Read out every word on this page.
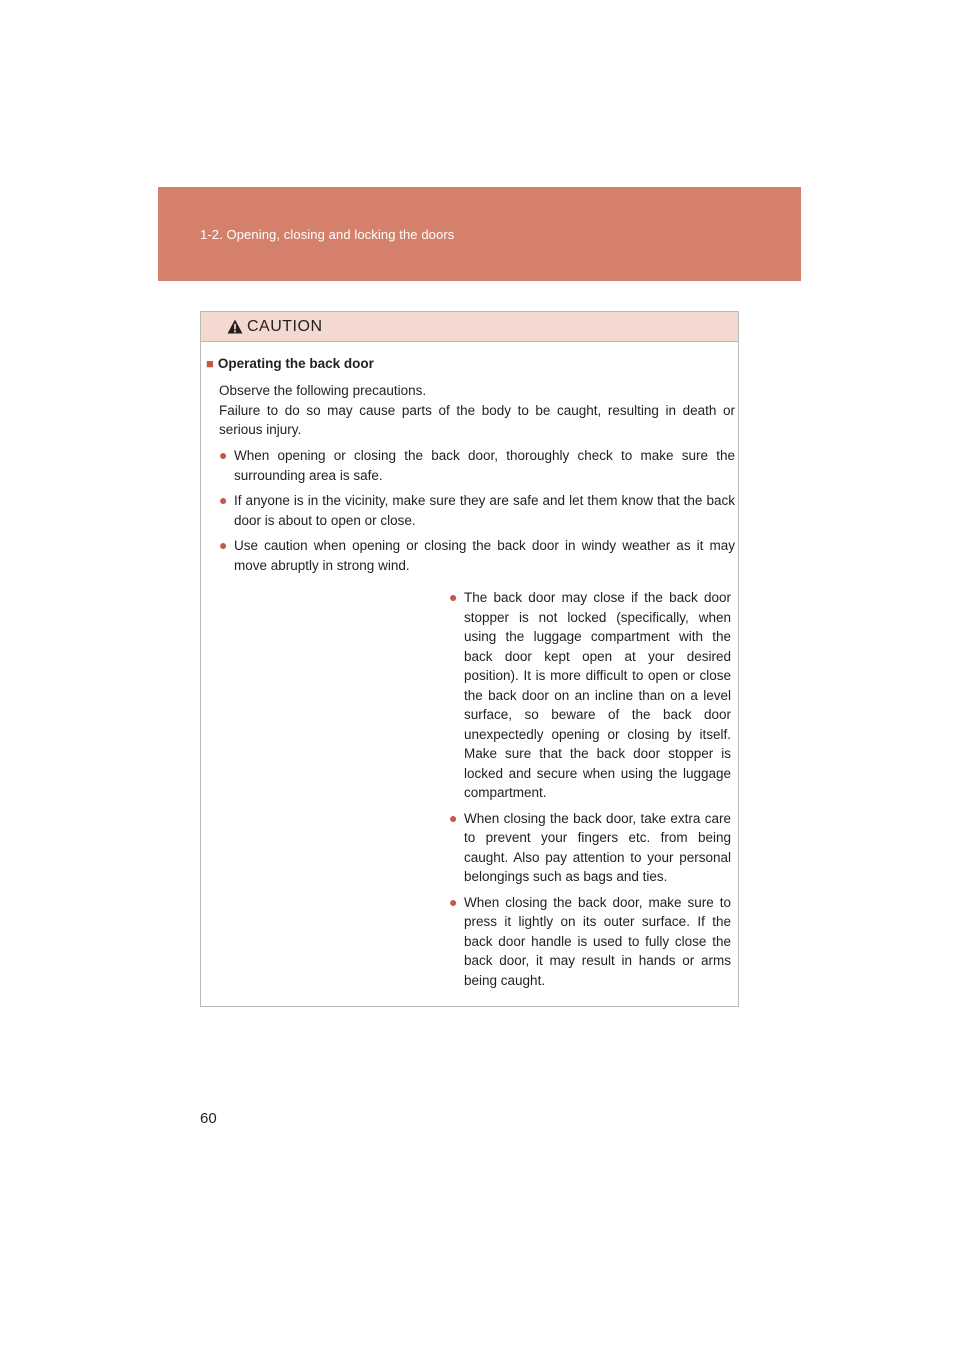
1-2. Opening, closing and locking the doors
CAUTION
■ Operating the back door

Observe the following precautions.

Failure to do so may cause parts of the body to be caught, resulting in death or serious injury.

● When opening or closing the back door, thoroughly check to make sure the surrounding area is safe.
● If anyone is in the vicinity, make sure they are safe and let them know that the back door is about to open or close.
● Use caution when opening or closing the back door in windy weather as it may move abruptly in strong wind.
● The back door may close if the back door stopper is not locked (specifically, when using the luggage compartment with the back door kept open at your desired position). It is more difficult to open or close the back door on an incline than on a level surface, so beware of the back door unexpectedly opening or closing by itself. Make sure that the back door stopper is locked and secure when using the luggage compartment.
● When closing the back door, take extra care to prevent your fingers etc. from being caught. Also pay attention to your personal belongings such as bags and ties.
● When closing the back door, make sure to press it lightly on its outer surface. If the back door handle is used to fully close the back door, it may result in hands or arms being caught.
60
